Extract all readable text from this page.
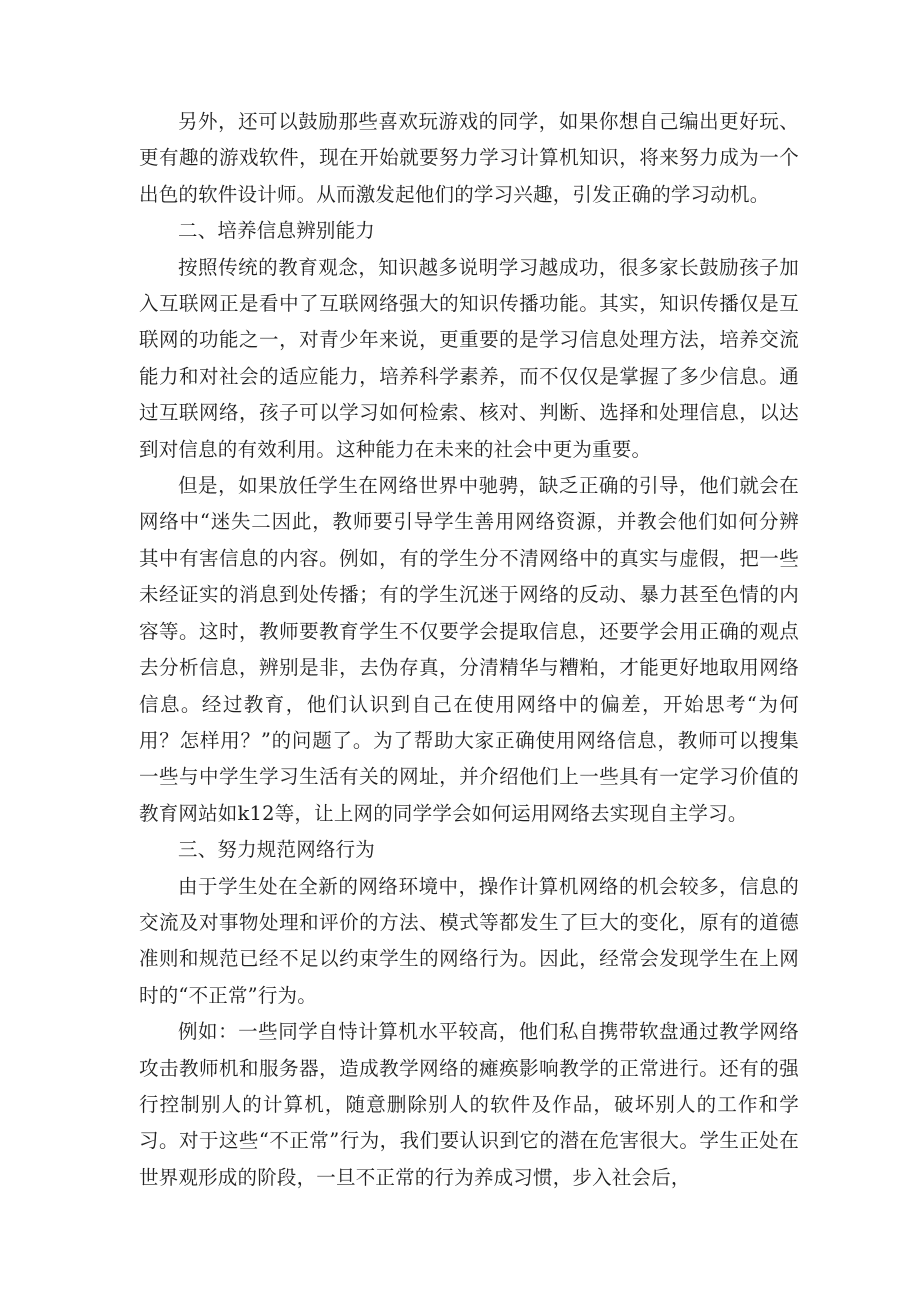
另外，还可以鼓励那些喜欢玩游戏的同学，如果你想自己编出更好玩、更有趣的游戏软件，现在开始就要努力学习计算机知识，将来努力成为一个出色的软件设计师。从而激发起他们的学习兴趣，引发正确的学习动机。

二、培养信息辨别能力

按照传统的教育观念，知识越多说明学习越成功，很多家长鼓励孩子加入互联网正是看中了互联网络强大的知识传播功能。其实，知识传播仅是互联网的功能之一，对青少年来说，更重要的是学习信息处理方法，培养交流能力和对社会的适应能力，培养科学素养，而不仅仅是掌握了多少信息。通过互联网络，孩子可以学习如何检索、核对、判断、选择和处理信息，以达到对信息的有效利用。这种能力在未来的社会中更为重要。

但是，如果放任学生在网络世界中驰骋，缺乏正确的引导，他们就会在网络中“迷失二因此，教师要引导学生善用网络资源，并教会他们如何分辨其中有害信息的内容。例如，有的学生分不清网络中的真实与虚假，把一些未经证实的消息到处传播；有的学生沉迷于网络的反动、暴力甚至色情的内容等。这时，教师要教育学生不仅要学会提取信息，还要学会用正确的观点去分析信息，辨别是非，去伪存真，分清精华与糟粕，才能更好地取用网络信息。经过教育，他们认识到自己在使用网络中的偏差，开始思考“为何用？怎样用？”的问题了。为了帮助大家正确使用网络信息，教师可以搜集一些与中学生学习生活有关的网址，并介绍他们上一些具有一定学习价值的教育网站如k12等，让上网的同学学会如何运用网络去实现自主学习。

三、努力规范网络行为

由于学生处在全新的网络环境中，操作计算机网络的机会较多，信息的交流及对事物处理和评价的方法、模式等都发生了巨大的变化，原有的道德准则和规范已经不足以约束学生的网络行为。因此，经常会发现学生在上网时的“不正常”行为。

例如：一些同学自恃计算机水平较高，他们私自携带软盘通过教学网络攻击教师机和服务器，造成教学网络的瘫痪影响教学的正常进行。还有的强行控制别人的计算机，随意删除别人的软件及作品，破坏别人的工作和学习。对于这些“不正常”行为，我们要认识到它的潜在危害很大。学生正处在世界观形成的阶段，一旦不正常的行为养成习惯，步入社会后，
